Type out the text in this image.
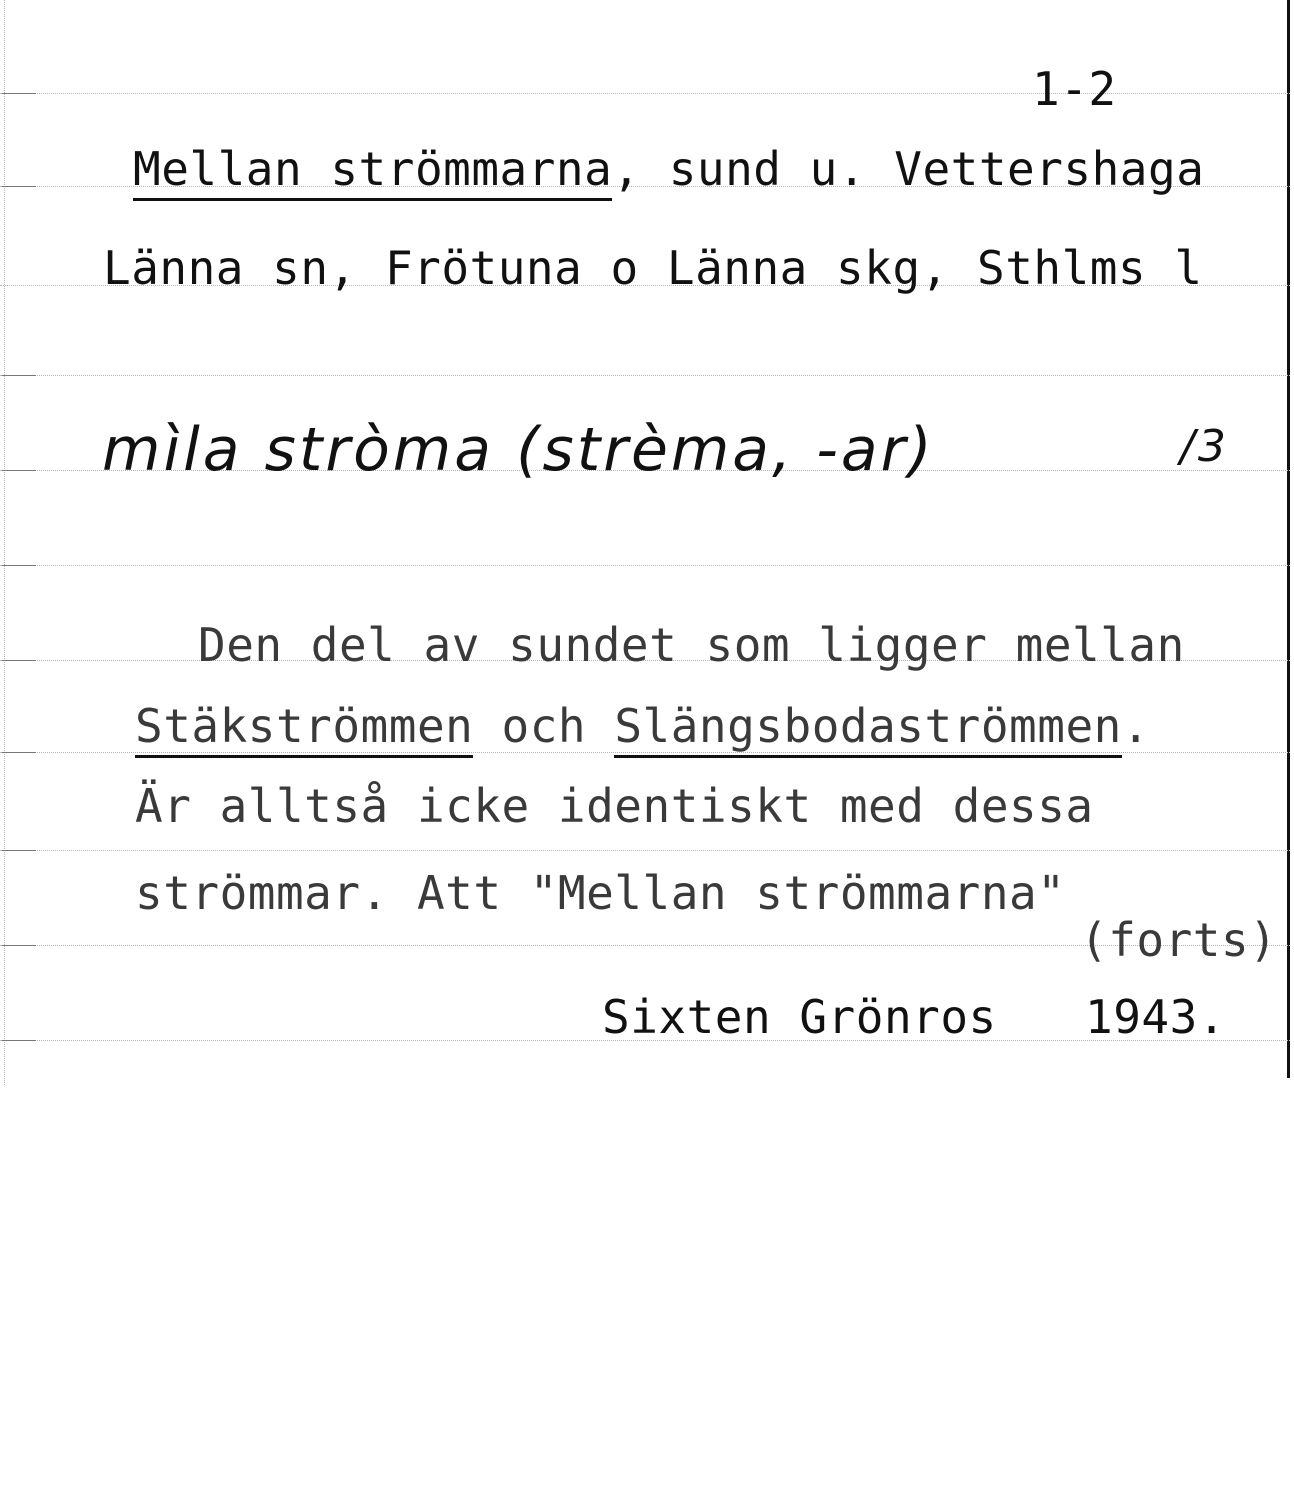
1-2
Mellan strömmarna, sund u. Vettershaga
Länna sn, Frötuna o Länna skg, Sthlms l
mìla stròma (strèma, -ar)	/3
Den del av sundet som ligger mellan
Stäkströmmen och Slängsbodaströmmen.
Är alltså icke identiskt med dessa
strömmar. Att "Mellan strömmarna"
(forts)
Sixten Grönros 1943.
